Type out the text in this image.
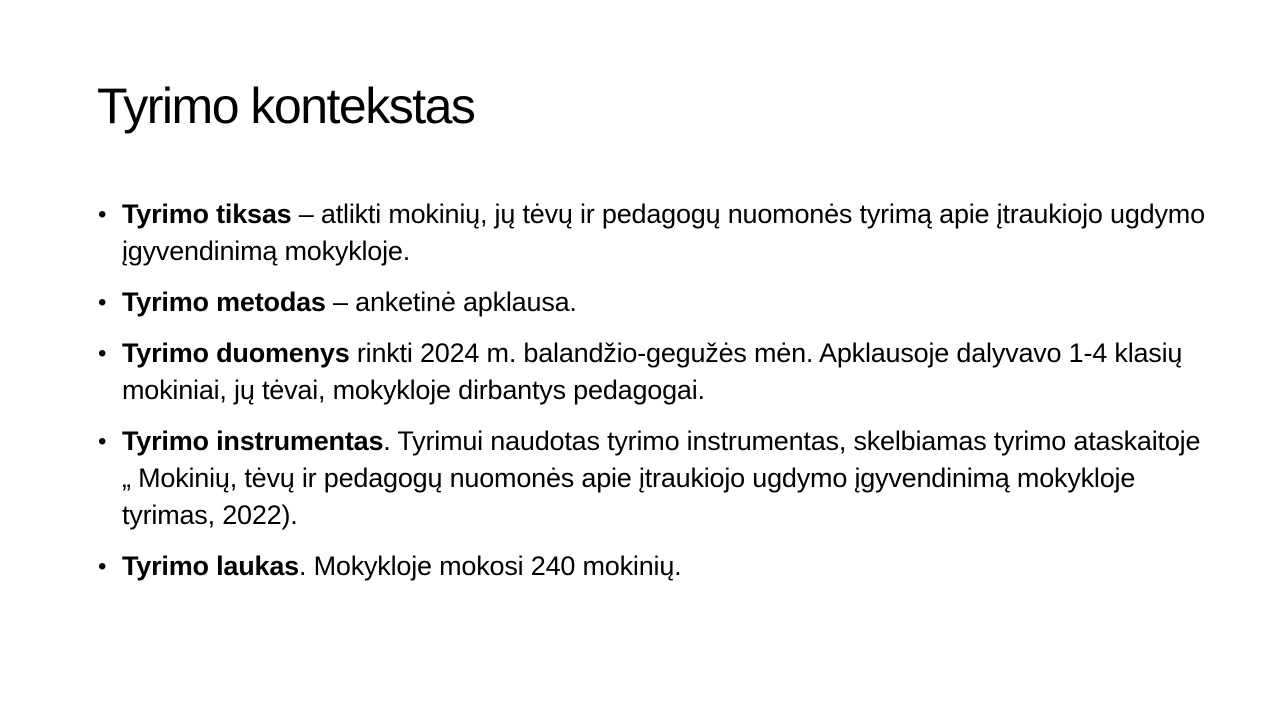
Tyrimo kontekstas
• Tyrimo tiksas – atlikti mokinių, jų tėvų ir pedagogų nuomonės tyrimą apie įtraukiojo ugdymo įgyvendinimą mokykloje.
• Tyrimo metodas – anketinė apklausa.
• Tyrimo duomenys rinkti 2024 m. balandžio-gegužės mėn. Apklausoje dalyvavo 1-4 klasių mokiniai, jų tėvai, mokykloje dirbantys pedagogai.
• Tyrimo instrumentas. Tyrimui naudotas tyrimo instrumentas, skelbiamas tyrimo ataskaitoje „ Mokinių, tėvų ir pedagogų nuomonės apie įtraukiojo ugdymo įgyvendinimą mokykloje tyrimas, 2022).
• Tyrimo laukas. Mokykloje mokosi 240 mokinių.
